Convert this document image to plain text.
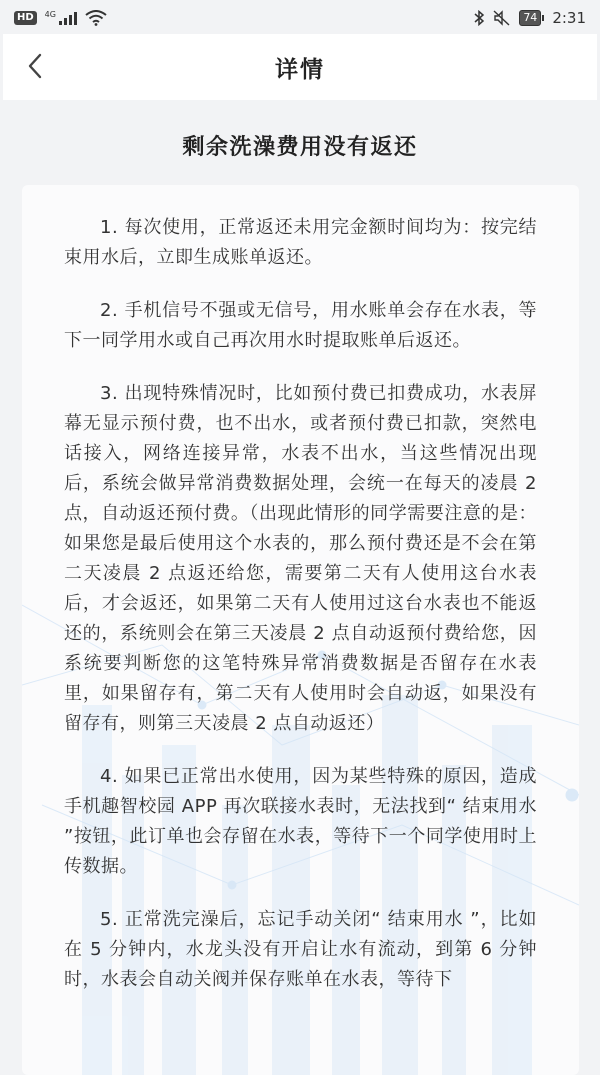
HD	4G	74 2:31
详情
剩余洗澡费用没有返还

1. 每次使用，正常返还未用完金额时间均为：按完结束用水后，立即生成账单返还。

2. 手机信号不强或无信号，用水账单会存在水表，等下一同学用水或自己再次用水时提取账单后返还。

3. 出现特殊情况时，比如预付费已扣费成功，水表屏幕无显示预付费，也不出水，或者预付费已扣款，突然电话接入，网络连接异常，水表不出水，当这些情况出现后，系统会做异常消费数据处理，会统一在每天的凌晨 2 点，自动返还预付费。（出现此情形的同学需要注意的是：如果您是最后使用这个水表的，那么预付费还是不会在第二天凌晨 2 点返还给您，需要第二天有人使用这台水表后，才会返还，如果第二天有人使用过这台水表也不能返还的，系统则会在第三天凌晨 2 点自动返预付费给您，因系统要判断您的这笔特殊异常消费数据是否留存在水表里，如果留存有，第二天有人使用时会自动返，如果没有留存有，则第三天凌晨 2 点自动返还）

4. 如果已正常出水使用，因为某些特殊的原因，造成手机趣智校园 APP 再次联接水表时，无法找到“ 结束用水 ”按钮，此订单也会存留在水表，等待下一个同学使用时上传数据。

5. 正常洗完澡后，忘记手动关闭“ 结束用水 ”，比如在 5 分钟内，水龙头没有开启让水有流动，到第 6 分钟时，水表会自动关阀并保存账单在水表，等待下
